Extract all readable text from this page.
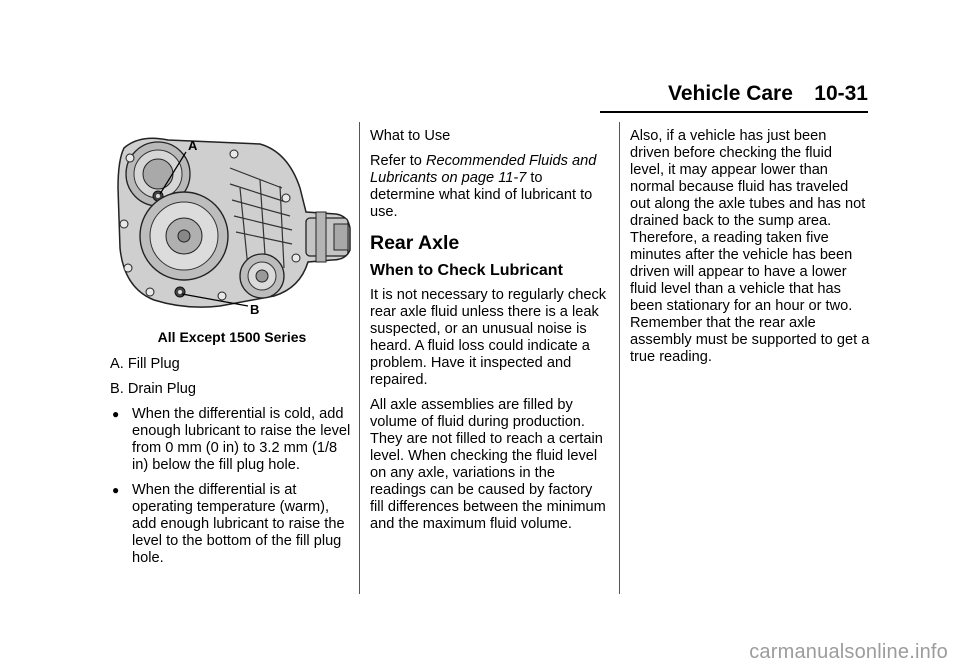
Vehicle Care 10-31
A
B
All Except 1500 Series
A. Fill Plug
B. Drain Plug
● When the differential is cold, add enough lubricant to raise the level from 0 mm (0 in) to 3.2 mm (1/8 in) below the fill plug hole.
● When the differential is at operating temperature (warm), add enough lubricant to raise the level to the bottom of the fill plug hole.

What to Use

Refer to Recommended Fluids and Lubricants on page 11-7 to determine what kind of lubricant to use.

Rear Axle
When to Check Lubricant

It is not necessary to regularly check rear axle fluid unless there is a leak suspected, or an unusual noise is heard. A fluid loss could indicate a problem. Have it inspected and repaired.

All axle assemblies are filled by volume of fluid during production. They are not filled to reach a certain level. When checking the fluid level on any axle, variations in the readings can be caused by factory fill differences between the minimum and the maximum fluid volume.

Also, if a vehicle has just been driven before checking the fluid level, it may appear lower than normal because fluid has traveled out along the axle tubes and has not drained back to the sump area. Therefore, a reading taken five minutes after the vehicle has been driven will appear to have a lower fluid level than a vehicle that has been stationary for an hour or two. Remember that the rear axle assembly must be supported to get a true reading.

carmanualsonline.info
